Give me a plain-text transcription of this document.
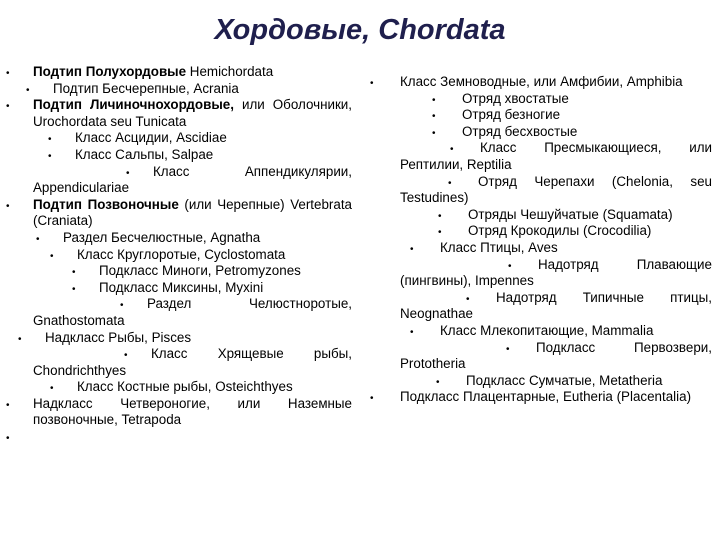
Хордовые, Chordata
• Подтип Полухордовые Hemichordata
• Подтип Бесчерепные, Acrania
• Подтип Личиночнохордовые, или Оболочники, Urochordata seu Tunicata
• Класс Асцидии, Ascidiae
• Класс Сальпы, Salpae
• Класс Аппендикулярии, Appendiculariae
• Подтип Позвоночные (или Черепные) Vertebrata (Craniata)
• Раздел Бесчелюстные, Agnatha
• Класс Круглоротые, Cyclostomata
• Подкласс Миноги, Petromyzones
• Подкласс Миксины, Myxini
• Раздел Челюстноротые, Gnathostomata
• Надкласс Рыбы, Pisces
• Класс Хрящевые рыбы, Chondrichthyes
• Класс Костные рыбы, Osteichthyes
• Надкласс Четвероногие, или Наземные позвоночные, Tetrapoda
•
• Класс Земноводные, или Амфибии, Amphibia
• Отряд хвостатые
• Отряд безногие
• Отряд бесхвостые
• Класс Пресмыкающиеся, или Рептилии, Reptilia
• Отряд Черепахи (Chelonia, seu Testudines)
• Отряды Чешуйчатые (Squamata)
• Отряд Крокодилы (Crocodilia)
• Класс Птицы, Aves
• Надотряд Плавающие (пингвины), Impennes
• Надотряд Типичные птицы, Neognathae
• Класс Млекопитающие, Mammalia
• Подкласс Первозвери, Prototheria
• Подкласс Сумчатые, Metatheria
• Подкласс Плацентарные, Eutheria (Placentalia)
